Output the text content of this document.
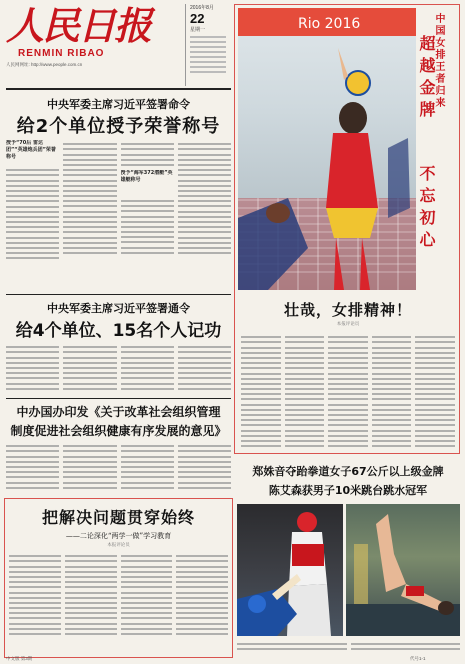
人民日报
RENMIN RIBAO
人民网网址: http://www.people.com.cn
2016年8月
22
星期一
中央军委主席习近平签署命令
给2个单位授予荣誉称号
授予“70后 雷达团”“英雄炮兵团”荣誉称号
授予“海军372潜艇”英雄艇称号
中央军委主席习近平签署通令
给4个单位、15名个人记功
中办国办印发《关于改革社会组织管理
制度促进社会组织健康有序发展的意见》
把解决问题贯穿始终
——二论深化“两学一做”学习教育
本报评论员
Rio 2016	中国女排王者归来
超越金牌
不忘初心
壮哉，女排精神！
本报评论员
郑姝音夺跆拳道女子67公斤以上级金牌
陈艾森获男子10米跳台跳水冠军
中文版 第3期	代号1-1
